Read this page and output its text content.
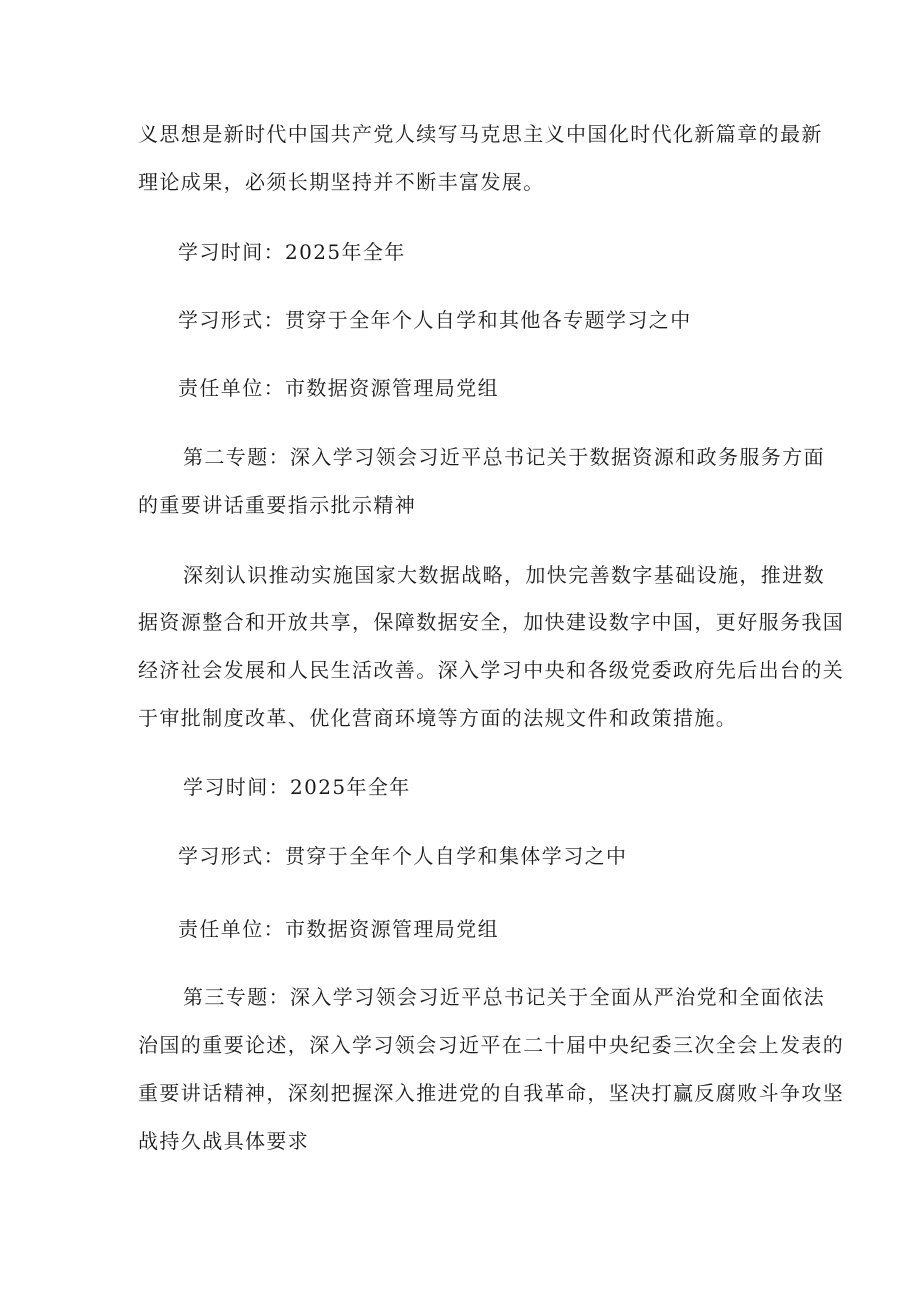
义思想是新时代中国共产党人续写马克思主义中国化时代化新篇章的最新
理论成果，必须长期坚持并不断丰富发展。
学习时间：2025年全年
学习形式：贯穿于全年个人自学和其他各专题学习之中
责任单位：市数据资源管理局党组
第二专题：深入学习领会习近平总书记关于数据资源和政务服务方面
的重要讲话重要指示批示精神
深刻认识推动实施国家大数据战略，加快完善数字基础设施，推进数
据资源整合和开放共享，保障数据安全，加快建设数字中国，更好服务我国
经济社会发展和人民生活改善。深入学习中央和各级党委政府先后出台的关
于审批制度改革、优化营商环境等方面的法规文件和政策措施。
学习时间：2025年全年
学习形式：贯穿于全年个人自学和集体学习之中
责任单位：市数据资源管理局党组
第三专题：深入学习领会习近平总书记关于全面从严治党和全面依法
治国的重要论述，深入学习领会习近平在二十届中央纪委三次全会上发表的
重要讲话精神，深刻把握深入推进党的自我革命，坚决打赢反腐败斗争攻坚
战持久战具体要求
